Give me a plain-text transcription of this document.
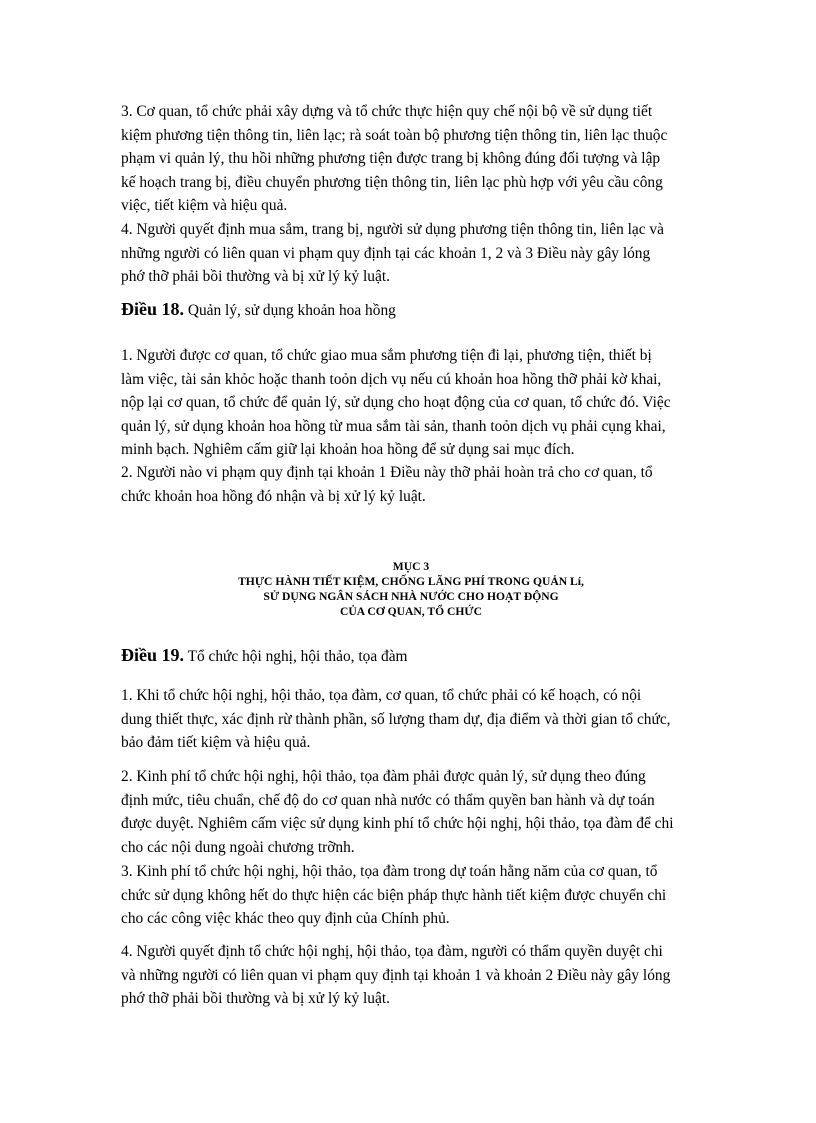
3. Cơ quan, tổ chức phải xây dựng và tổ chức thực hiện quy chế nội bộ về sử dụng tiết

kiệm phương tiện thông tin, liên lạc; rà soát toàn bộ phương tiện thông tin, liên lạc thuộc

phạm vi quản lý, thu hồi những phương tiện được trang bị không đúng đối tượng và lập

kế hoạch trang bị, điều chuyển phương tiện thông tin, liên lạc phù hợp với yêu cầu công

việc, tiết kiệm và hiệu quả.

4. Người quyết định mua sắm, trang bị, người sử dụng phương tiện thông tin, liên lạc và

những người có liên quan vi phạm quy định tại các khoản 1, 2 và 3 Điều này gây lóng

phớ thỡ phải bồi thường và bị xử lý kỷ luật.

Điều 18. Quản lý, sử dụng khoản hoa hồng

1. Người được cơ quan, tổ chức giao mua sắm phương tiện đi lại, phương tiện, thiết bị

làm việc, tài sản khỏc hoặc thanh toỏn dịch vụ nếu cú khoản hoa hồng thỡ phải kờ khai,

nộp lại cơ quan, tổ chức để quản lý, sử dụng cho hoạt động của cơ quan, tổ chức đó. Việc

quản lý, sử dụng khoản hoa hồng từ mua sắm tài sản, thanh toỏn dịch vụ phải cụng khai,

minh bạch. Nghiêm cấm giữ lại khoản hoa hồng để sử dụng sai mục đích.

2. Người nào vi phạm quy định tại khoản 1 Điều này thỡ phải hoàn trả cho cơ quan, tổ

chức khoản hoa hồng đó nhận và bị xử lý kỷ luật.

MỤC 3
THỰC HÀNH TIẾT KIỆM, CHỐNG LÃNG PHÍ TRONG QUẢN Lí,
SỬ DỤNG NGÂN SÁCH NHÀ NƯỚC CHO HOẠT ĐỘNG
CỦA CƠ QUAN, TỔ CHỨC
Điều 19. Tổ chức hội nghị, hội thảo, tọa đàm

1. Khi tổ chức hội nghị, hội thảo, tọa đàm, cơ quan, tổ chức phải có kế hoạch, có nội

dung thiết thực, xác định rừ thành phần, số lượng tham dự, địa điểm và thời gian tổ chức,

bảo đảm tiết kiệm và hiệu quả.

2. Kinh phí tổ chức hội nghị, hội thảo, tọa đàm phải được quản lý, sử dụng theo đúng

định mức, tiêu chuẩn, chế độ do cơ quan nhà nước có thẩm quyền ban hành và dự toán

được duyệt. Nghiêm cấm việc sử dụng kinh phí tổ chức hội nghị, hội thảo, tọa đàm để chi

cho các nội dung ngoài chương trỡnh.

3. Kinh phí tổ chức hội nghị, hội thảo, tọa đàm trong dự toán hằng năm của cơ quan, tổ

chức sử dụng không hết do thực hiện các biện pháp thực hành tiết kiệm được chuyển chi

cho các công việc khác theo quy định của Chính phủ.

4. Người quyết định tổ chức hội nghị, hội thảo, tọa đàm, người có thẩm quyền duyệt chi

và những người có liên quan vi phạm quy định tại khoản 1 và khoản 2 Điều này gây lóng

phớ thỡ phải bồi thường và bị xử lý kỷ luật.
